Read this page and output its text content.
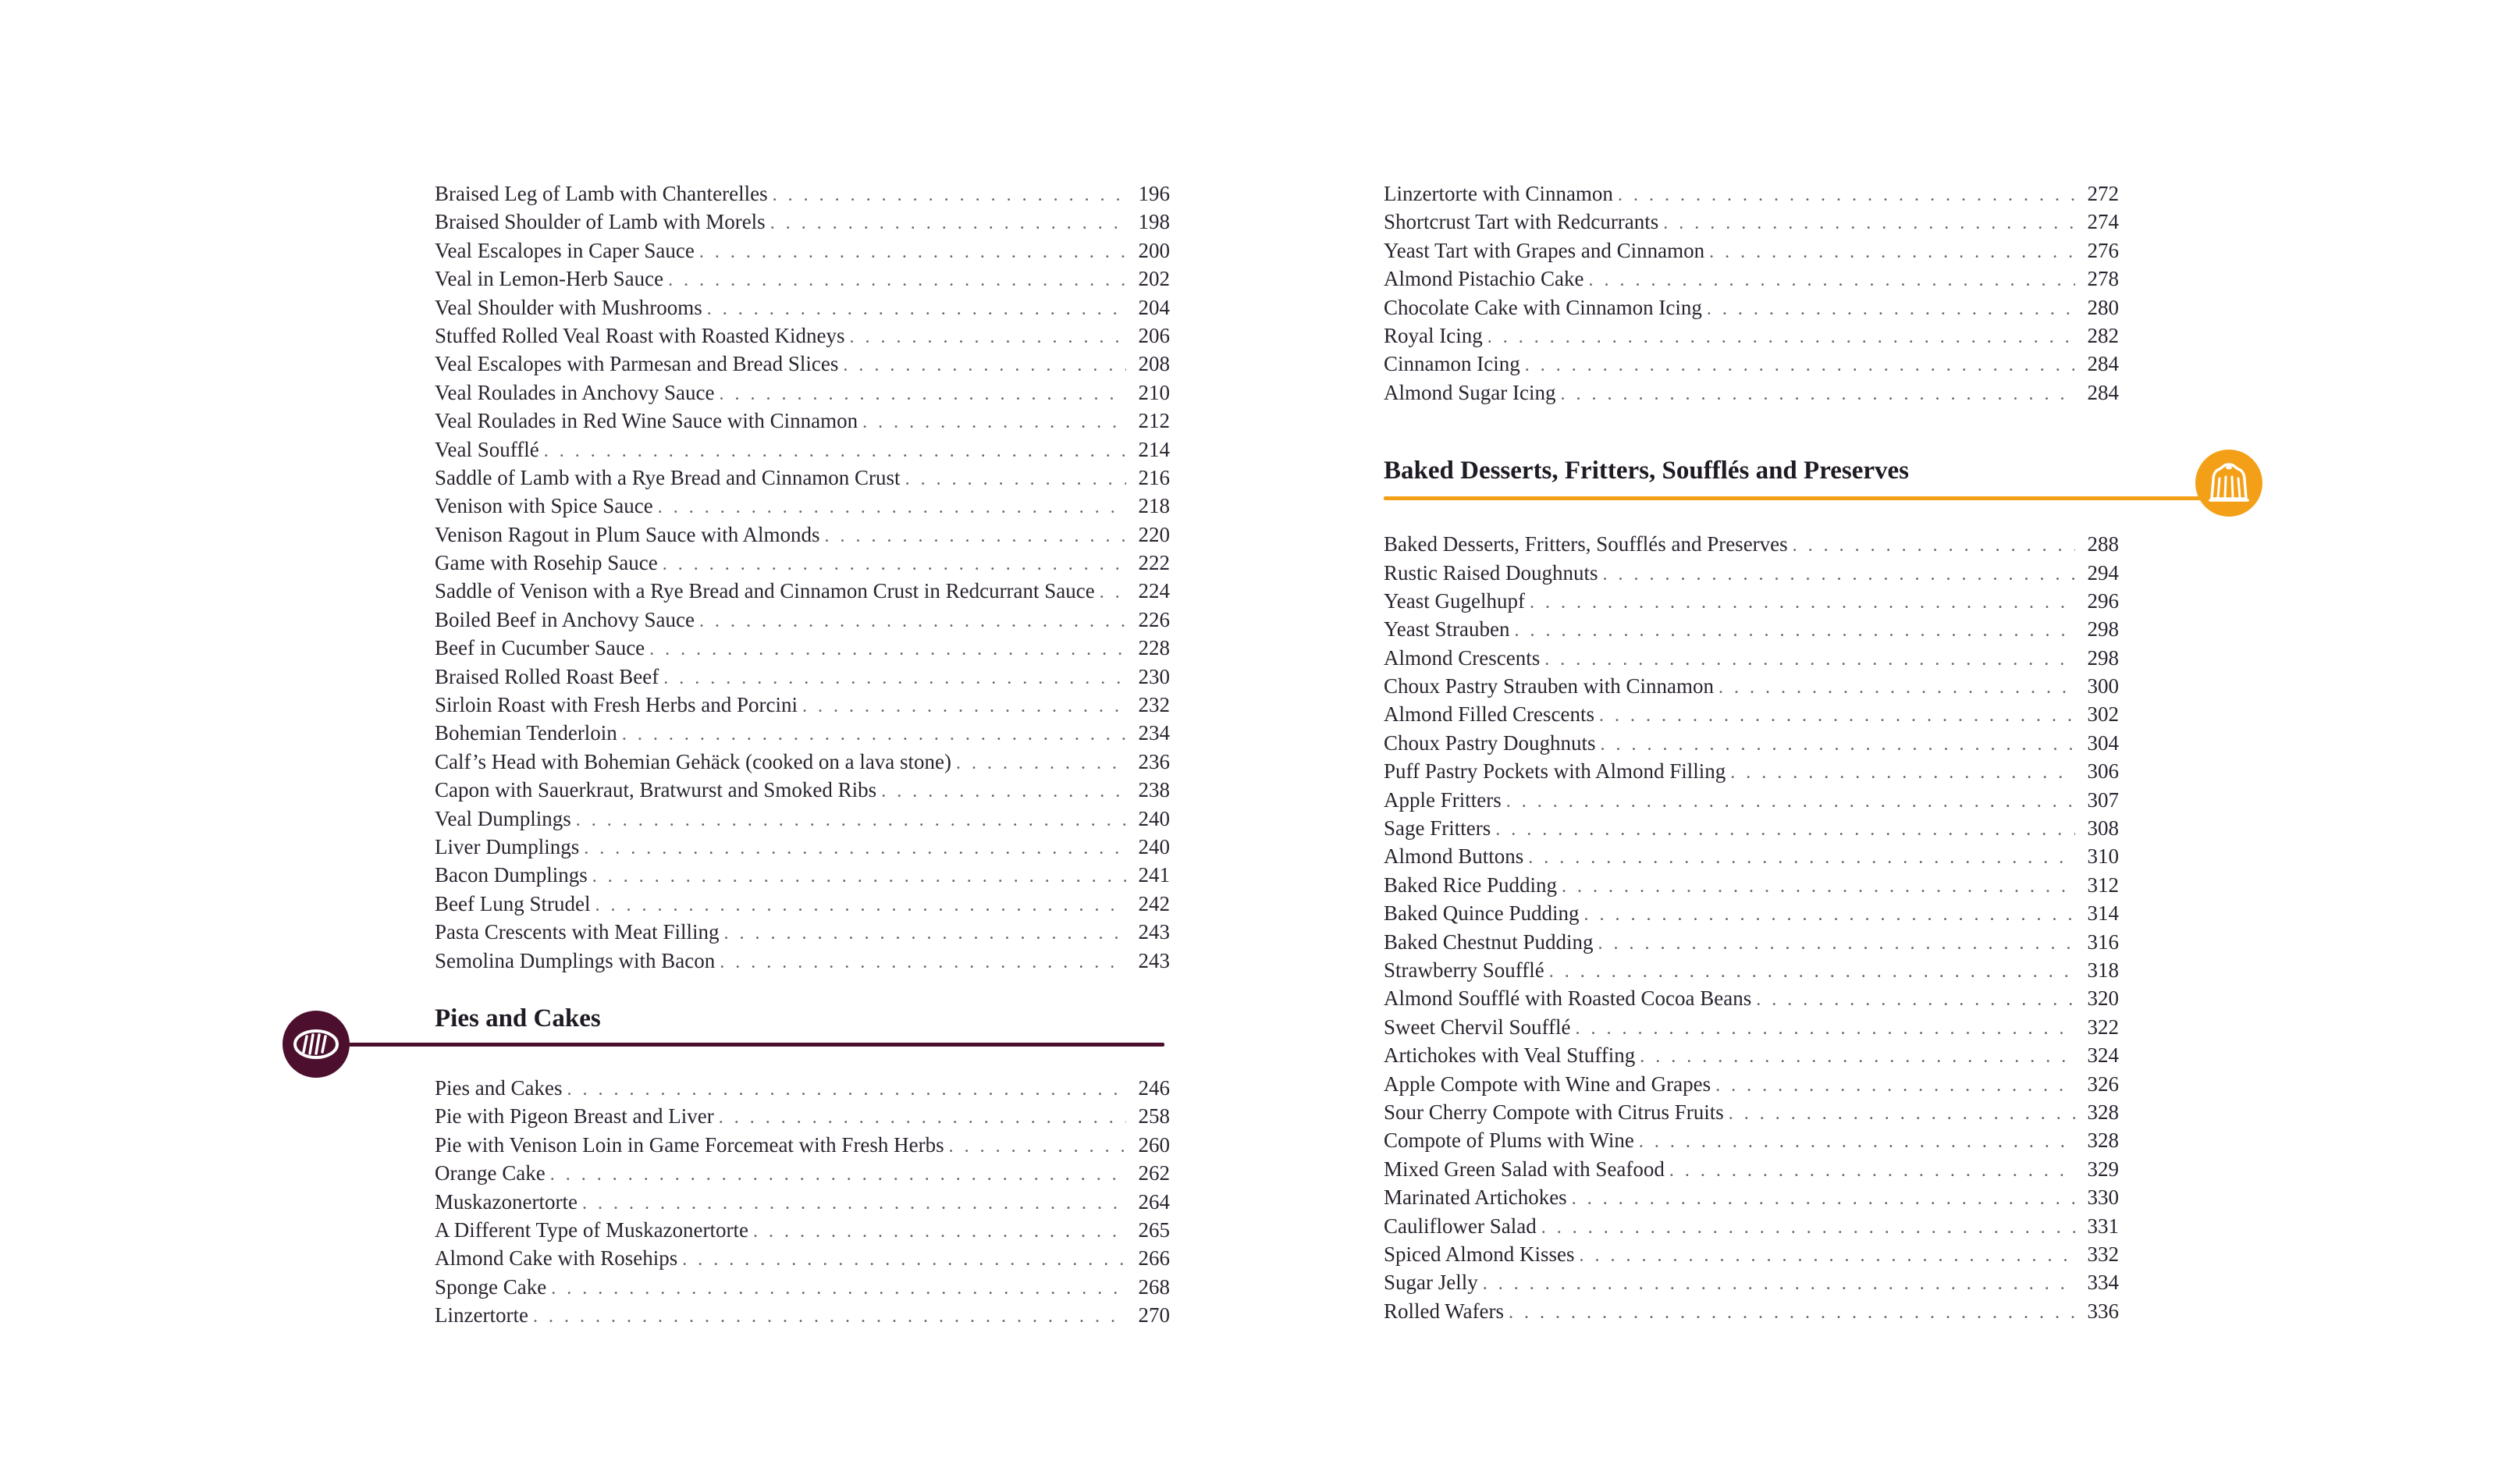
Braised Leg of Lamb with Chanterelles . . .	196
Braised Shoulder of Lamb with Morels . . .	198
Veal Escalopes in Caper Sauce . . .	200
Veal in Lemon-Herb Sauce . . .	202
Veal Shoulder with Mushrooms . . .	204
Stuffed Rolled Veal Roast with Roasted Kidneys . . .	206
Veal Escalopes with Parmesan and Bread Slices . . .	208
Veal Roulades in Anchovy Sauce . . .	210
Veal Roulades in Red Wine Sauce with Cinnamon . . .	212
Veal Soufflé . . .	214
Saddle of Lamb with a Rye Bread and Cinnamon Crust . . .	216
Venison with Spice Sauce . . .	218
Venison Ragout in Plum Sauce with Almonds . . .	220
Game with Rosehip Sauce . . .	222
Saddle of Venison with a Rye Bread and Cinnamon Crust in Redcurrant Sauce . . . 224
Boiled Beef in Anchovy Sauce . . .	226
Beef in Cucumber Sauce . . .	228
Braised Rolled Roast Beef . . .	230
Sirloin Roast with Fresh Herbs and Porcini . . .	232
Bohemian Tenderloin . . .	234
Calf’s Head with Bohemian Gehäck (cooked on a lava stone) . . .	236
Capon with Sauerkraut, Bratwurst and Smoked Ribs . . .	238
Veal Dumplings . . .	240
Liver Dumplings . . .	240
Bacon Dumplings . . .	241
Beef Lung Strudel . . .	242
Pasta Crescents with Meat Filling . . .	243
Semolina Dumplings with Bacon . . .	243
Pies and Cakes
Pies and Cakes . . .	246
Pie with Pigeon Breast and Liver . . .	258
Pie with Venison Loin in Game Forcemeat with Fresh Herbs . . .	260
Orange Cake . . .	262
Muskazonertorte . . .	264
A Different Type of Muskazonertorte . . .	265
Almond Cake with Rosehips . . .	266
Sponge Cake . . .	268
Linzertorte . . .	270
Linzertorte with Cinnamon . . .	272
Shortcrust Tart with Redcurrants . . .	274
Yeast Tart with Grapes and Cinnamon . . .	276
Almond Pistachio Cake . . .	278
Chocolate Cake with Cinnamon Icing . . .	280
Royal Icing . . .	282
Cinnamon Icing . . .	284
Almond Sugar Icing . . .	284
Baked Desserts, Fritters, Soufflés and Preserves
Baked Desserts, Fritters, Soufflés and Preserves . . .	288
Rustic Raised Doughnuts . . .	294
Yeast Gugelhupf . . .	296
Yeast Strauben . . .	298
Almond Crescents . . .	298
Choux Pastry Strauben with Cinnamon . . .	300
Almond Filled Crescents . . .	302
Choux Pastry Doughnuts . . .	304
Puff Pastry Pockets with Almond Filling . . .	306
Apple Fritters . . .	307
Sage Fritters . . .	308
Almond Buttons . . .	310
Baked Rice Pudding . . .	312
Baked Quince Pudding . . .	314
Baked Chestnut Pudding . . .	316
Strawberry Soufflé . . .	318
Almond Soufflé with Roasted Cocoa Beans . . .	320
Sweet Chervil Soufflé . . .	322
Artichokes with Veal Stuffing . . .	324
Apple Compote with Wine and Grapes . . .	326
Sour Cherry Compote with Citrus Fruits . . .	328
Compote of Plums with Wine . . .	328
Mixed Green Salad with Seafood . . .	329
Marinated Artichokes . . .	330
Cauliflower Salad . . .	331
Spiced Almond Kisses . . .	332
Sugar Jelly . . .	334
Rolled Wafers . . .	336
